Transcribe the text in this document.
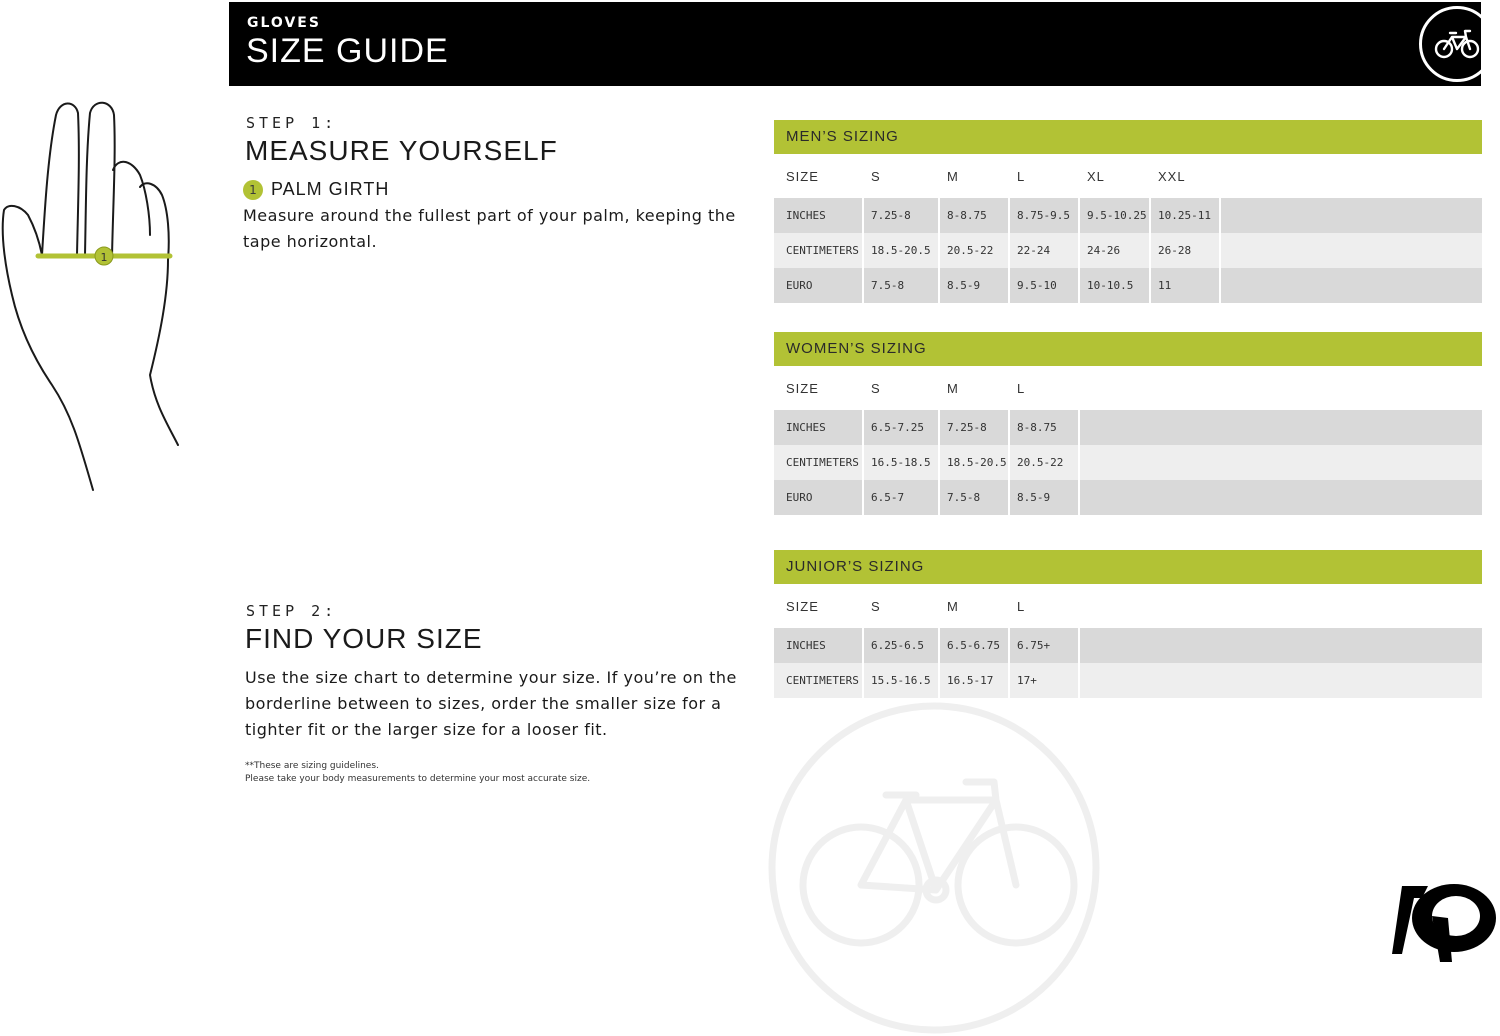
GLOVES
SIZE GUIDE
1
STEP 1:
MEASURE YOURSELF
1 PALM GIRTH
Measure around the fullest part of your palm, keeping the
tape horizontal.
STEP 2:
FIND YOUR SIZE
Use the size chart to determine your size. If you’re on the
borderline between to sizes, order the smaller size for a
tighter fit or the larger size for a looser fit.
**These are sizing guidelines.
Please take your body measurements to determine your most accurate size.
MEN’S SIZING
SIZE	S	M	L	XL	XXL
INCHES	7.25-8	8-8.75	8.75-9.5	9.5-10.25	10.25-11
CENTIMETERS	18.5-20.5	20.5-22	22-24	24-26	26-28
EURO	7.5-8	8.5-9	9.5-10	10-10.5	11
WOMEN’S SIZING
SIZE	S	M	L
INCHES	6.5-7.25	7.25-8	8-8.75
CENTIMETERS	16.5-18.5	18.5-20.5 20.5-22
EURO	6.5-7	7.5-8	8.5-9
JUNIOR’S SIZING
SIZE	S	M	L
INCHES	6.25-6.5	6.5-6.75	6.75+
CENTIMETERS	15.5-16.5	16.5-17	17+
